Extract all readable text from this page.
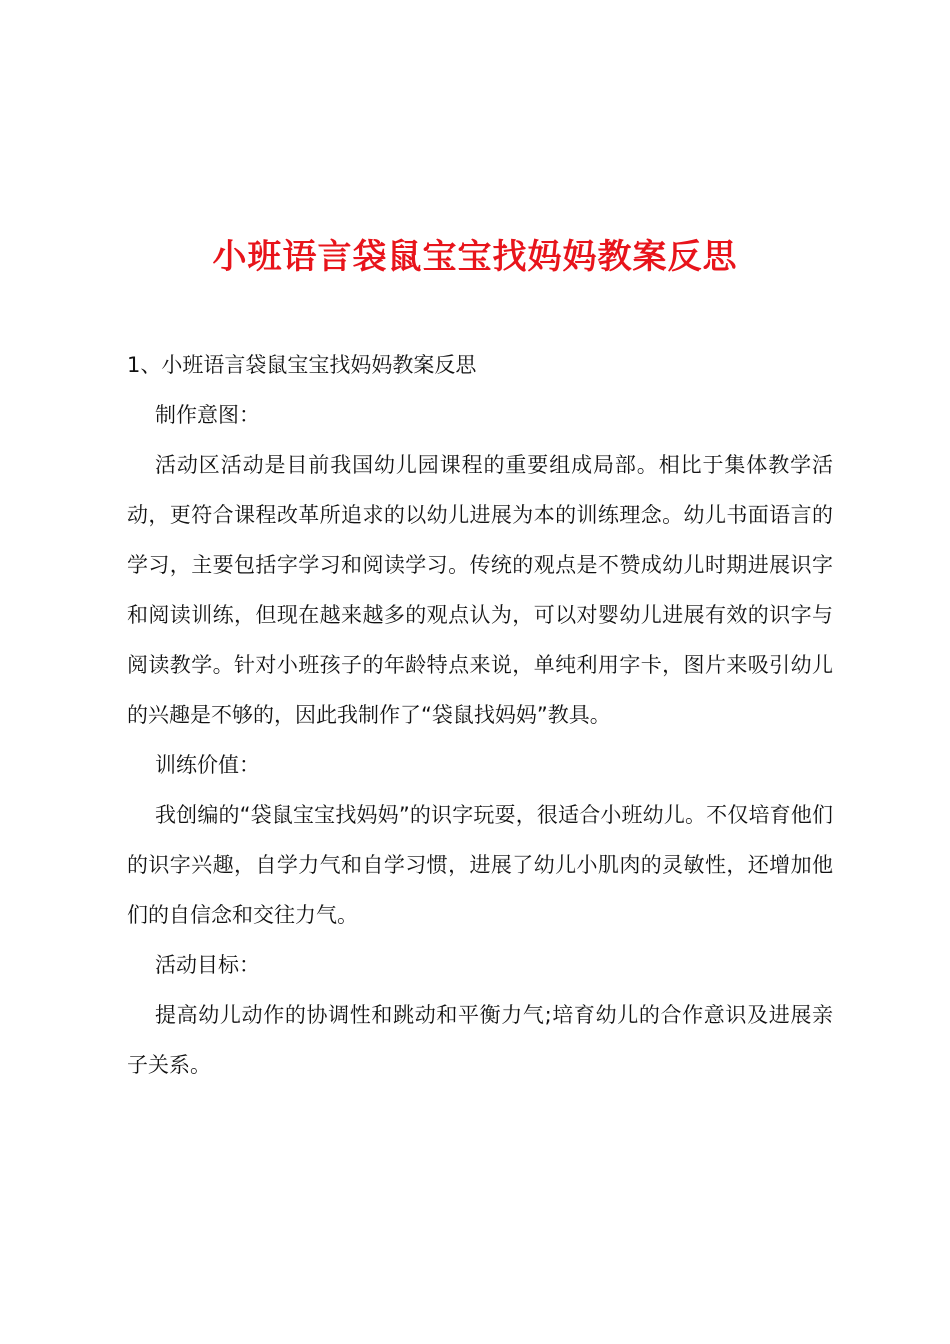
小班语言袋鼠宝宝找妈妈教案反思

1、小班语言袋鼠宝宝找妈妈教案反思

制作意图：

活动区活动是目前我国幼儿园课程的重要组成局部。相比于集体教学活动，更符合课程改革所追求的以幼儿进展为本的训练理念。幼儿书面语言的学习，主要包括字学习和阅读学习。传统的观点是不赞成幼儿时期进展识字和阅读训练，但现在越来越多的观点认为，可以对婴幼儿进展有效的识字与阅读教学。针对小班孩子的年龄特点来说，单纯利用字卡，图片来吸引幼儿的兴趣是不够的，因此我制作了“袋鼠找妈妈”教具。

训练价值：

我创编的“袋鼠宝宝找妈妈”的识字玩耍，很适合小班幼儿。不仅培育他们的识字兴趣，自学力气和自学习惯，进展了幼儿小肌肉的灵敏性，还增加他们的自信念和交往力气。

活动目标：

提高幼儿动作的协调性和跳动和平衡力气;培育幼儿的合作意识及进展亲子关系。
